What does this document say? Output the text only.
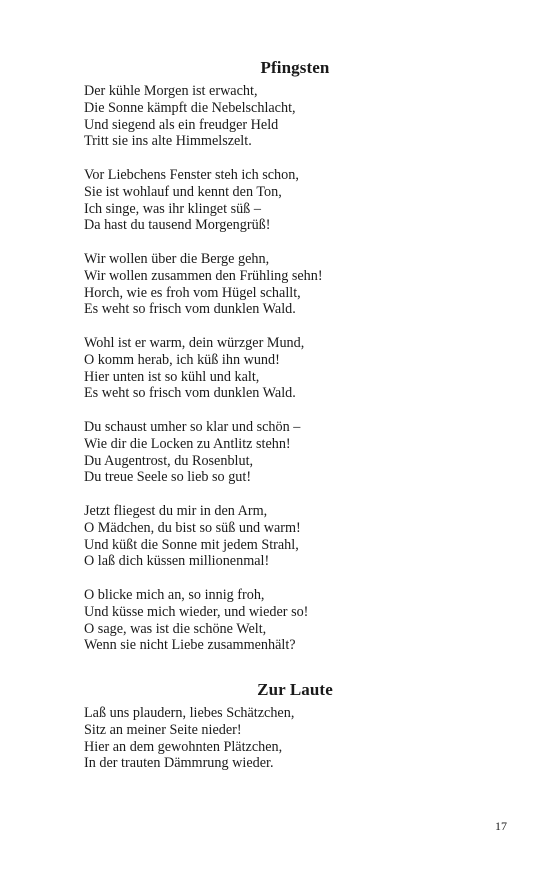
Pfingsten
Der kühle Morgen ist erwacht,
Die Sonne kämpft die Nebelschlacht,
Und siegend als ein freudger Held
Tritt sie ins alte Himmelszelt.
Vor Liebchens Fenster steh ich schon,
Sie ist wohlauf und kennt den Ton,
Ich singe, was ihr klinget süß –
Da hast du tausend Morgengrüß!
Wir wollen über die Berge gehn,
Wir wollen zusammen den Frühling sehn!
Horch, wie es froh vom Hügel schallt,
Es weht so frisch vom dunklen Wald.
Wohl ist er warm, dein würzger Mund,
O komm herab, ich küß ihn wund!
Hier unten ist so kühl und kalt,
Es weht so frisch vom dunklen Wald.
Du schaust umher so klar und schön –
Wie dir die Locken zu Antlitz stehn!
Du Augentrost, du Rosenblut,
Du treue Seele so lieb so gut!
Jetzt fliegest du mir in den Arm,
O Mädchen, du bist so süß und warm!
Und küßt die Sonne mit jedem Strahl,
O laß dich küssen millionenmal!
O blicke mich an, so innig froh,
Und küsse mich wieder, und wieder so!
O sage, was ist die schöne Welt,
Wenn sie nicht Liebe zusammenhält?
Zur Laute
Laß uns plaudern, liebes Schätzchen,
Sitz an meiner Seite nieder!
Hier an dem gewohnten Plätzchen,
In der trauten Dämmrung wieder.
17
